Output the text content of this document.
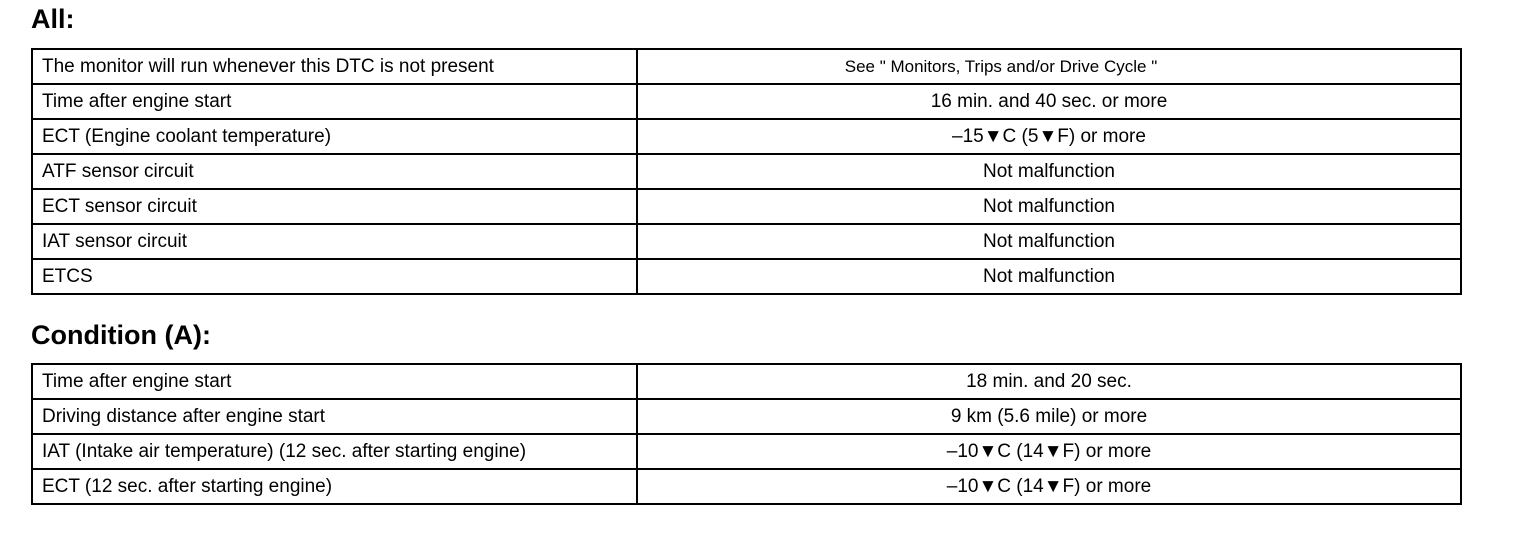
All:
The monitor will run whenever this DTC is not present	See " Monitors, Trips and/or Drive Cycle "
Time after engine start	16 min. and 40 sec. or more
ECT (Engine coolant temperature)	–15▼C (5▼F) or more
ATF sensor circuit	Not malfunction
ECT sensor circuit	Not malfunction
IAT sensor circuit	Not malfunction
ETCS	Not malfunction
Condition (A):
Time after engine start	18 min. and 20 sec.
Driving distance after engine start	9 km (5.6 mile) or more
IAT (Intake air temperature) (12 sec. after starting engine)	–10▼C (14▼F) or more
ECT (12 sec. after starting engine)	–10▼C (14▼F) or more
